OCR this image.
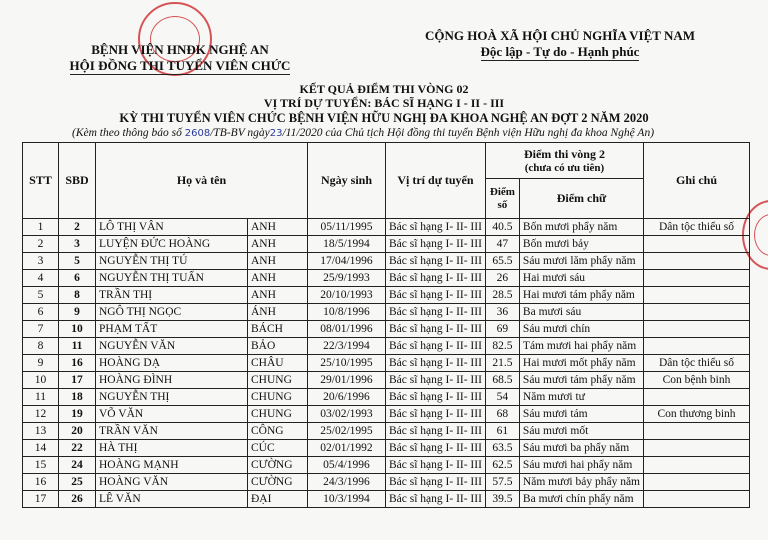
BỆNH VIỆN HNĐK NGHỆ AN
HỘI ĐỒNG THI TUYỂN VIÊN CHỨC
CỘNG HOÀ XÃ HỘI CHỦ NGHĨA VIỆT NAM
Độc lập - Tự do - Hạnh phúc
KẾT QUẢ ĐIỂM THI VÒNG 02
VỊ TRÍ DỰ TUYỂN: BÁC SĨ HẠNG I - II - III
KỲ THI TUYỂN VIÊN CHỨC BỆNH VIỆN HỮU NGHỊ ĐA KHOA NGHỆ AN ĐỢT 2 NĂM 2020
(Kèm theo thông báo số 2608/TB-BV ngày23/11/2020 của Chủ tịch Hội đồng thi tuyển Bệnh viện Hữu nghị đa khoa Nghệ An)
STT	SBD	Họ và tên		Ngày sinh	Vị trí dự tuyển	Điểm thi vòng 2
(chưa có ưu tiên)		Ghi chú
						Điểm số	Điểm chữ	
1	2	LÔ THỊ VÂN	ANH	05/11/1995	Bác sĩ hạng I- II- III	40.5	Bốn mươi phẩy năm	Dân tộc thiểu số
2	3	LUYỆN ĐỨC HOÀNG	ANH	18/5/1994	Bác sĩ hạng I- II- III	47	Bốn mươi bảy	
3	5	NGUYỄN THỊ TÚ	ANH	17/04/1996	Bác sĩ hạng I- II- III	65.5	Sáu mươi lăm phẩy năm	
4	6	NGUYỄN THỊ TUẤN	ANH	25/9/1993	Bác sĩ hạng I- II- III	26	Hai mươi sáu	
5	8	TRẦN THỊ	ANH	20/10/1993	Bác sĩ hạng I- II- III	28.5	Hai mươi tám phẩy năm	
6	9	NGÔ THỊ NGỌC	ÁNH	10/8/1996	Bác sĩ hạng I- II- III	36	Ba mươi sáu	
7	10	PHẠM TẤT	BÁCH	08/01/1996	Bác sĩ hạng I- II- III	69	Sáu mươi chín	
8	11	NGUYỄN VĂN	BẢO	22/3/1994	Bác sĩ hạng I- II- III	82.5	Tám mươi hai phẩy năm	
9	16	HOÀNG DẠ	CHÂU	25/10/1995	Bác sĩ hạng I- II- III	21.5	Hai mươi mốt phẩy năm	Dân tộc thiểu số
10	17	HOÀNG ĐÌNH	CHUNG	29/01/1996	Bác sĩ hạng I- II- III	68.5	Sáu mươi tám phẩy năm	Con bệnh binh
11	18	NGUYỄN THỊ	CHUNG	20/6/1996	Bác sĩ hạng I- II- III	54	Năm mươi tư	
12	19	VÕ VĂN	CHUNG	03/02/1993	Bác sĩ hạng I- II- III	68	Sáu mươi tám	Con thương binh
13	20	TRẦN VĂN	CÔNG	25/02/1995	Bác sĩ hạng I- II- III	61	Sáu mươi mốt	
14	22	HÀ THỊ	CÚC	02/01/1992	Bác sĩ hạng I- II- III	63.5	Sáu mươi ba phẩy năm	
15	24	HOÀNG MẠNH	CƯỜNG	05/4/1996	Bác sĩ hạng I- II- III	62.5	Sáu mươi hai phẩy năm	
16	25	HOÀNG VĂN	CƯỜNG	24/3/1996	Bác sĩ hạng I- II- III	57.5	Năm mươi bảy phẩy năm	
17	26	LÊ VĂN	ĐẠI	10/3/1994	Bác sĩ hạng I- II- III	39.5	Ba mươi chín phẩy năm	
